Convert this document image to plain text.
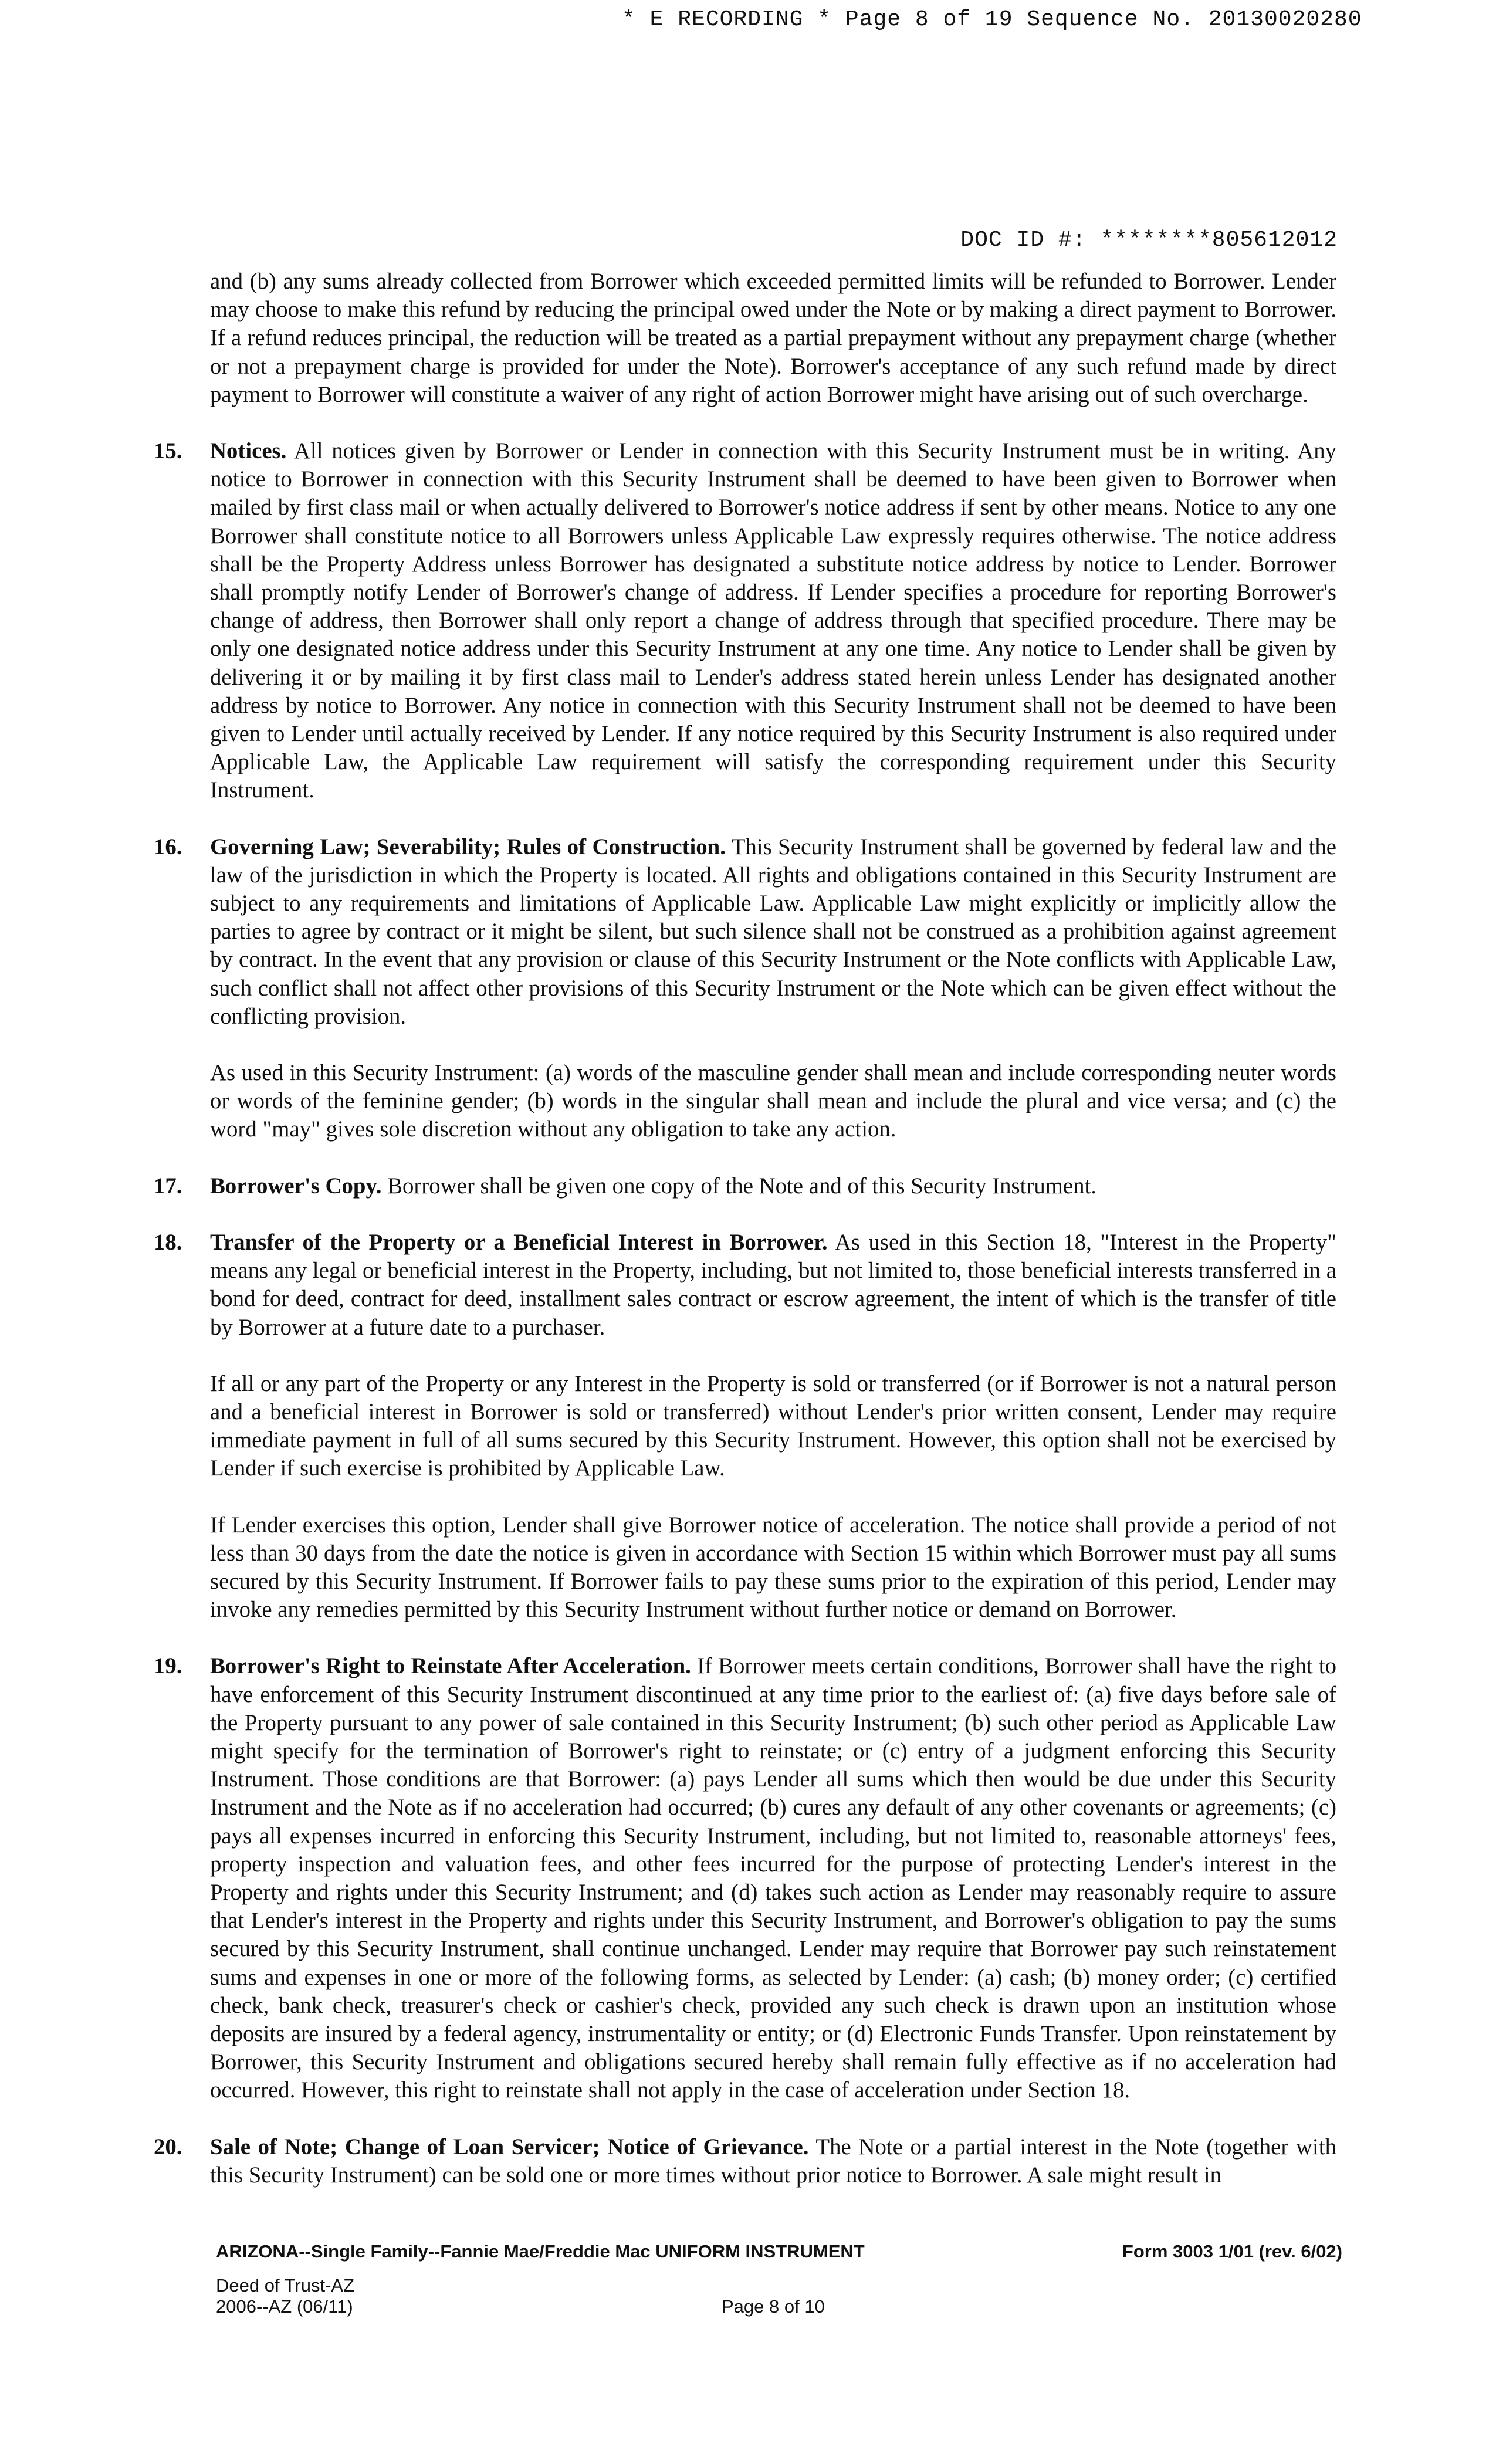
* E RECORDING * Page 8 of 19 Sequence No. 20130020280
DOC ID #: ********805612012

and (b) any sums already collected from Borrower which exceeded permitted limits will be refunded to Borrower. Lender may choose to make this refund by reducing the principal owed under the Note or by making a direct payment to Borrower. If a refund reduces principal, the reduction will be treated as a partial prepayment without any prepayment charge (whether or not a prepayment charge is provided for under the Note). Borrower's acceptance of any such refund made by direct payment to Borrower will constitute a waiver of any right of action Borrower might have arising out of such overcharge.

15. Notices. All notices given by Borrower or Lender in connection with this Security Instrument must be in writing. Any notice to Borrower in connection with this Security Instrument shall be deemed to have been given to Borrower when mailed by first class mail or when actually delivered to Borrower's notice address if sent by other means. Notice to any one Borrower shall constitute notice to all Borrowers unless Applicable Law expressly requires otherwise. The notice address shall be the Property Address unless Borrower has designated a substitute notice address by notice to Lender. Borrower shall promptly notify Lender of Borrower's change of address. If Lender specifies a procedure for reporting Borrower's change of address, then Borrower shall only report a change of address through that specified procedure. There may be only one designated notice address under this Security Instrument at any one time. Any notice to Lender shall be given by delivering it or by mailing it by first class mail to Lender's address stated herein unless Lender has designated another address by notice to Borrower. Any notice in connection with this Security Instrument shall not be deemed to have been given to Lender until actually received by Lender. If any notice required by this Security Instrument is also required under Applicable Law, the Applicable Law requirement will satisfy the corresponding requirement under this Security Instrument.

16. Governing Law; Severability; Rules of Construction. This Security Instrument shall be governed by federal law and the law of the jurisdiction in which the Property is located. All rights and obligations contained in this Security Instrument are subject to any requirements and limitations of Applicable Law. Applicable Law might explicitly or implicitly allow the parties to agree by contract or it might be silent, but such silence shall not be construed as a prohibition against agreement by contract. In the event that any provision or clause of this Security Instrument or the Note conflicts with Applicable Law, such conflict shall not affect other provisions of this Security Instrument or the Note which can be given effect without the conflicting provision.

As used in this Security Instrument: (a) words of the masculine gender shall mean and include corresponding neuter words or words of the feminine gender; (b) words in the singular shall mean and include the plural and vice versa; and (c) the word "may" gives sole discretion without any obligation to take any action.

17. Borrower's Copy. Borrower shall be given one copy of the Note and of this Security Instrument.

18. Transfer of the Property or a Beneficial Interest in Borrower. As used in this Section 18, "Interest in the Property" means any legal or beneficial interest in the Property, including, but not limited to, those beneficial interests transferred in a bond for deed, contract for deed, installment sales contract or escrow agreement, the intent of which is the transfer of title by Borrower at a future date to a purchaser.

If all or any part of the Property or any Interest in the Property is sold or transferred (or if Borrower is not a natural person and a beneficial interest in Borrower is sold or transferred) without Lender's prior written consent, Lender may require immediate payment in full of all sums secured by this Security Instrument. However, this option shall not be exercised by Lender if such exercise is prohibited by Applicable Law.

If Lender exercises this option, Lender shall give Borrower notice of acceleration. The notice shall provide a period of not less than 30 days from the date the notice is given in accordance with Section 15 within which Borrower must pay all sums secured by this Security Instrument. If Borrower fails to pay these sums prior to the expiration of this period, Lender may invoke any remedies permitted by this Security Instrument without further notice or demand on Borrower.

19. Borrower's Right to Reinstate After Acceleration. If Borrower meets certain conditions, Borrower shall have the right to have enforcement of this Security Instrument discontinued at any time prior to the earliest of: (a) five days before sale of the Property pursuant to any power of sale contained in this Security Instrument; (b) such other period as Applicable Law might specify for the termination of Borrower's right to reinstate; or (c) entry of a judgment enforcing this Security Instrument. Those conditions are that Borrower: (a) pays Lender all sums which then would be due under this Security Instrument and the Note as if no acceleration had occurred; (b) cures any default of any other covenants or agreements; (c) pays all expenses incurred in enforcing this Security Instrument, including, but not limited to, reasonable attorneys' fees, property inspection and valuation fees, and other fees incurred for the purpose of protecting Lender's interest in the Property and rights under this Security Instrument; and (d) takes such action as Lender may reasonably require to assure that Lender's interest in the Property and rights under this Security Instrument, and Borrower's obligation to pay the sums secured by this Security Instrument, shall continue unchanged. Lender may require that Borrower pay such reinstatement sums and expenses in one or more of the following forms, as selected by Lender: (a) cash; (b) money order; (c) certified check, bank check, treasurer's check or cashier's check, provided any such check is drawn upon an institution whose deposits are insured by a federal agency, instrumentality or entity; or (d) Electronic Funds Transfer. Upon reinstatement by Borrower, this Security Instrument and obligations secured hereby shall remain fully effective as if no acceleration had occurred. However, this right to reinstate shall not apply in the case of acceleration under Section 18.

20. Sale of Note; Change of Loan Servicer; Notice of Grievance. The Note or a partial interest in the Note (together with this Security Instrument) can be sold one or more times without prior notice to Borrower. A sale might result in

ARIZONA--Single Family--Fannie Mae/Freddie Mac UNIFORM INSTRUMENT	Form 3003 1/01 (rev. 6/02)
Deed of Trust-AZ
2006--AZ (06/11)	Page 8 of 10
